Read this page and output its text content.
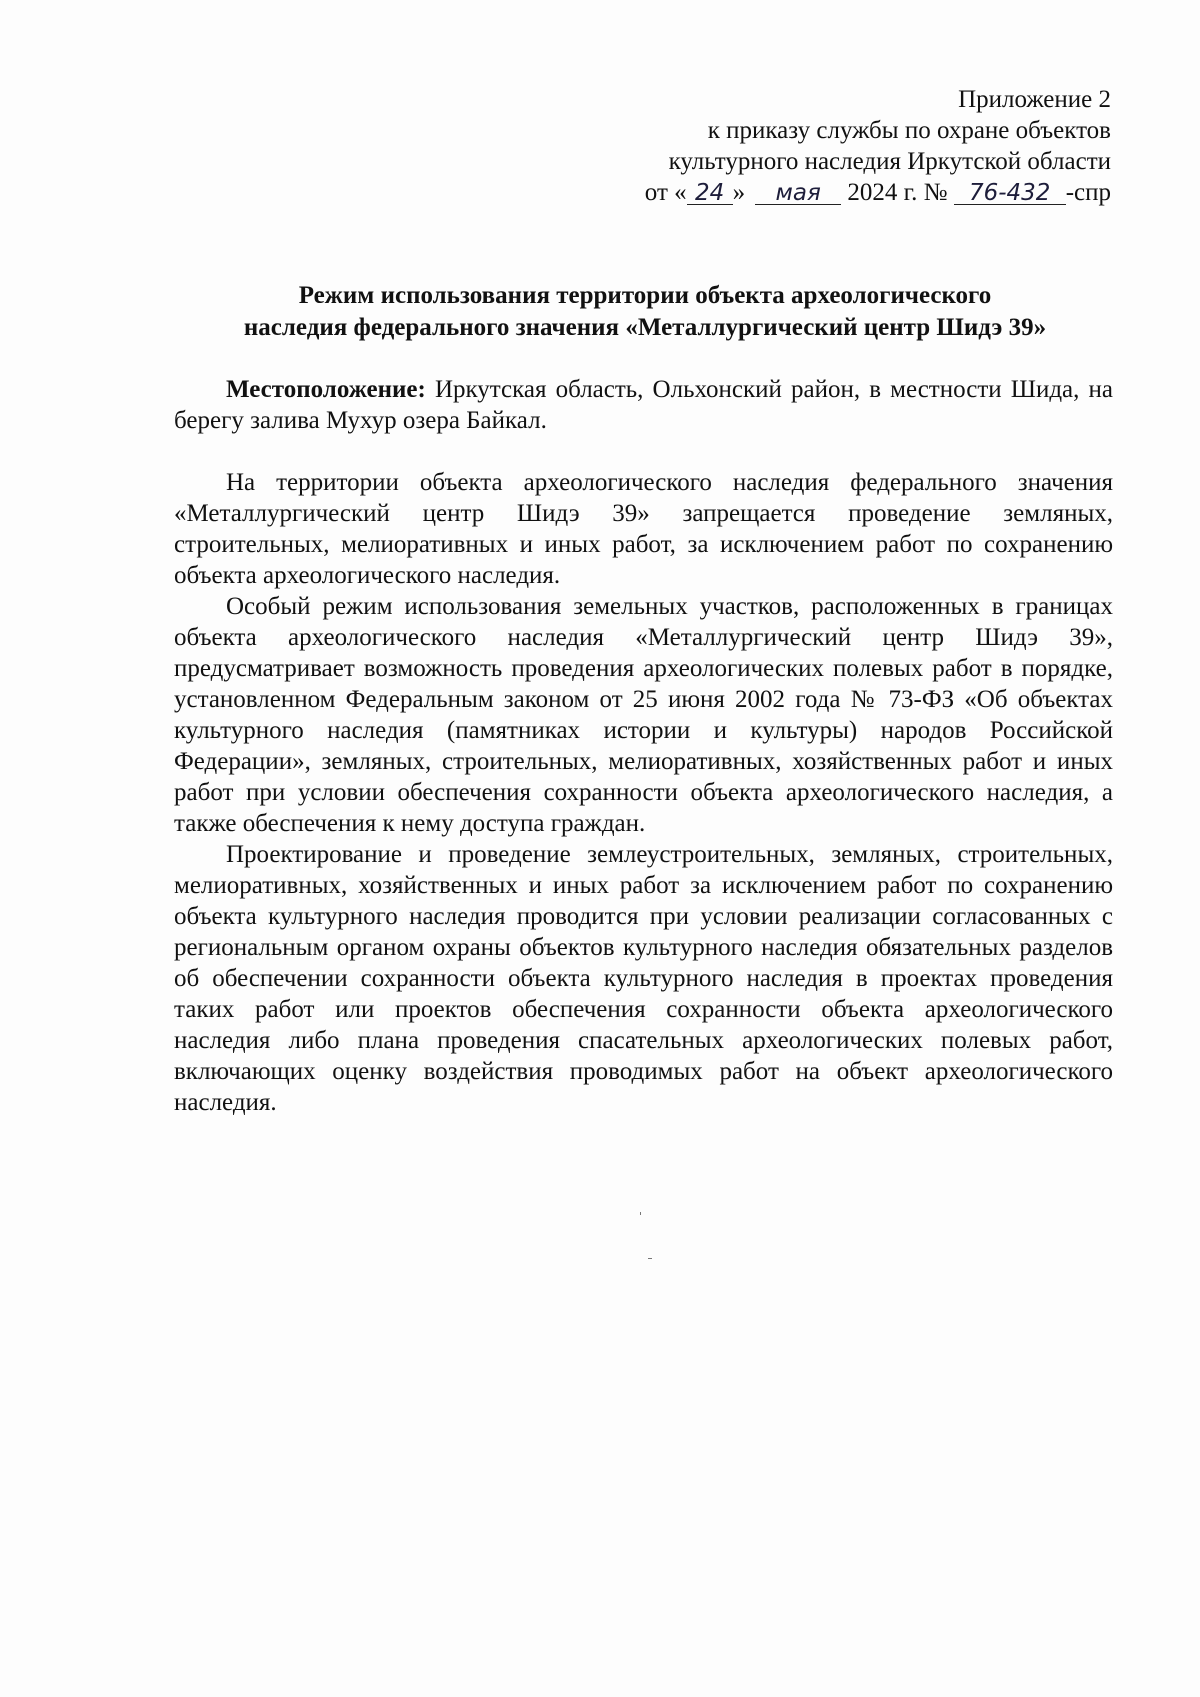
Приложение 2
к приказу службы по охране объектов
культурного наследия Иркутской области
от « 24 » мая 2024 г. № 76-432 -спр
Режим использования территории объекта археологического
наследия федерального значения «Металлургический центр Шидэ 39»

Местоположение: Иркутская область, Ольхонский район, в местности Шида, на берегу залива Мухур озера Байкал.

На территории объекта археологического наследия федерального значения «Металлургический центр Шидэ 39» запрещается проведение земляных, строительных, мелиоративных и иных работ, за исключением работ по сохранению объекта археологического наследия.

Особый режим использования земельных участков, расположенных в границах объекта археологического наследия «Металлургический центр Шидэ 39», предусматривает возможность проведения археологических полевых работ в порядке, установленном Федеральным законом от 25 июня 2002 года № 73-ФЗ «Об объектах культурного наследия (памятниках истории и культуры) народов Российской Федерации», земляных, строительных, мелиоративных, хозяйственных работ и иных работ при условии обеспечения сохранности объекта археологического наследия, а также обеспечения к нему доступа граждан.

Проектирование и проведение землеустроительных, земляных, строительных, мелиоративных, хозяйственных и иных работ за исключением работ по сохранению объекта культурного наследия проводится при условии реализации согласованных с региональным органом охраны объектов культурного наследия обязательных разделов об обеспечении сохранности объекта культурного наследия в проектах проведения таких работ или проектов обеспечения сохранности объекта археологического наследия либо плана проведения спасательных археологических полевых работ, включающих оценку воздействия проводимых работ на объект археологического наследия.
